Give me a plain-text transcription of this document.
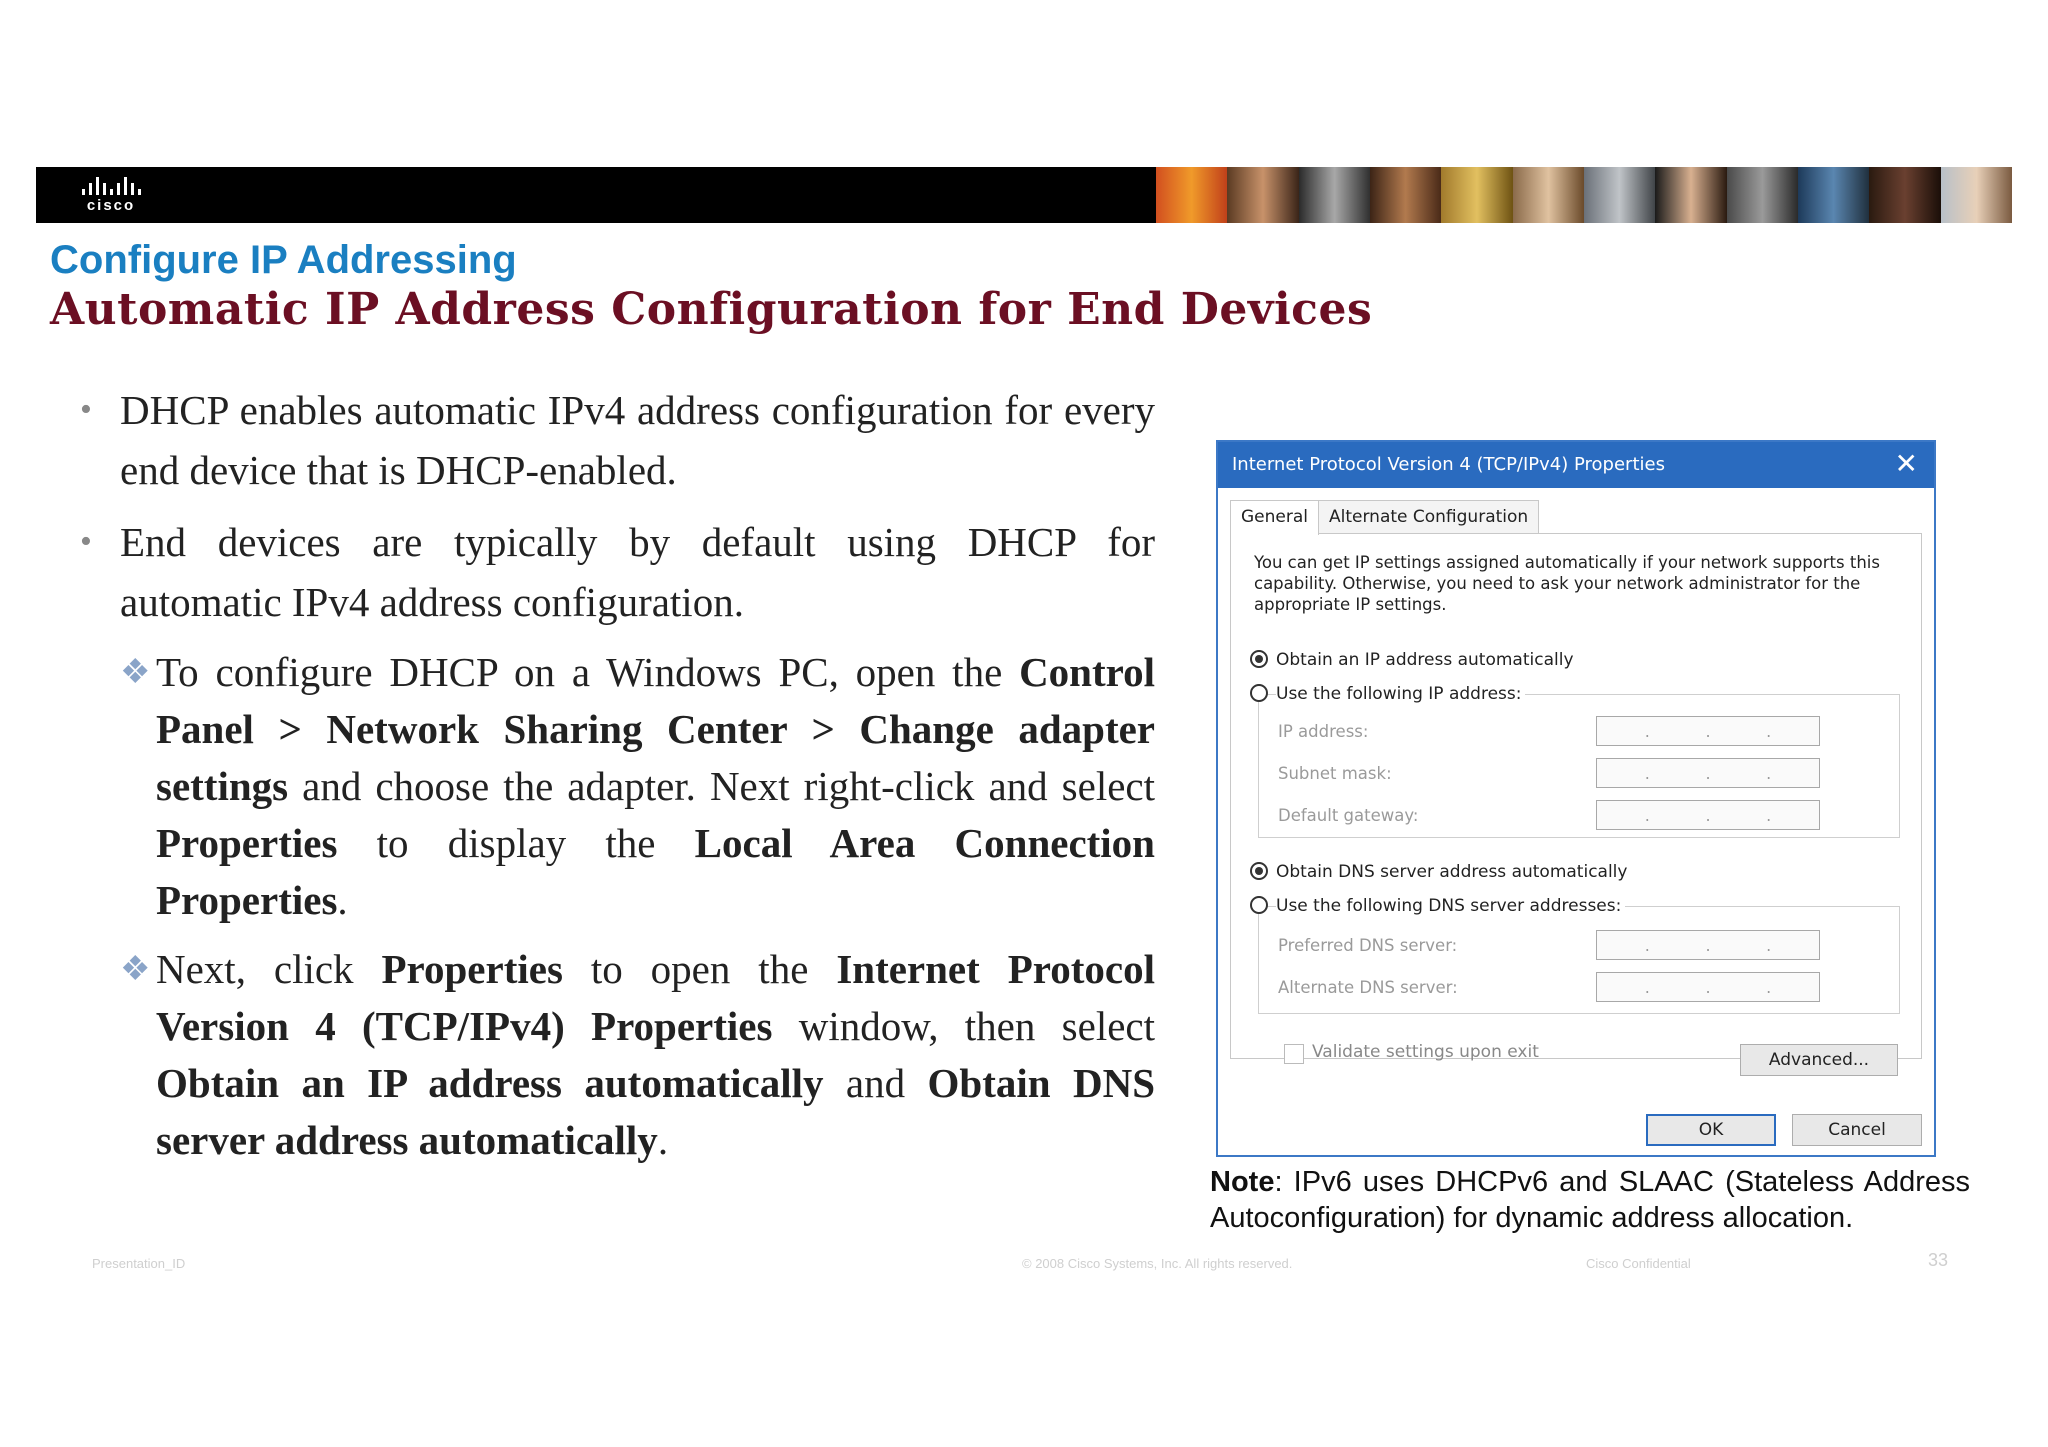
cisco
Configure IP Addressing
Automatic IP Address Configuration for End Devices
• DHCP enables automatic IPv4 address configuration for every end device that is DHCP-enabled.
• End devices are typically by default using DHCP for automatic IPv4 address configuration.
❖ To configure DHCP on a Windows PC, open the Control Panel > Network Sharing Center > Change adapter settings and choose the adapter. Next right-click and select Properties to display the Local Area Connection Properties.
❖ Next, click Properties to open the Internet Protocol Version 4 (TCP/IPv4) Properties window, then select Obtain an IP address automatically and Obtain DNS server address automatically.
Internet Protocol Version 4 (TCP/IPv4) Properties	✕
General	Alternate Configuration
You can get IP settings assigned automatically if your network supports this capability. Otherwise, you need to ask your network administrator for the appropriate IP settings.
Obtain an IP address automatically
Use the following IP address:
IP address:	.	.	.
Subnet mask:	.	.	.
Default gateway:	.	.	.
Obtain DNS server address automatically
Use the following DNS server addresses:
Preferred DNS server:	.	.	.
Alternate DNS server:	.	.	.
Validate settings upon exit	Advanced...
OK	Cancel
Note: IPv6 uses DHCPv6 and SLAAC (Stateless Address Autoconfiguration) for dynamic address allocation.
Presentation_ID	© 2008 Cisco Systems, Inc. All rights reserved.	Cisco Confidential	33
